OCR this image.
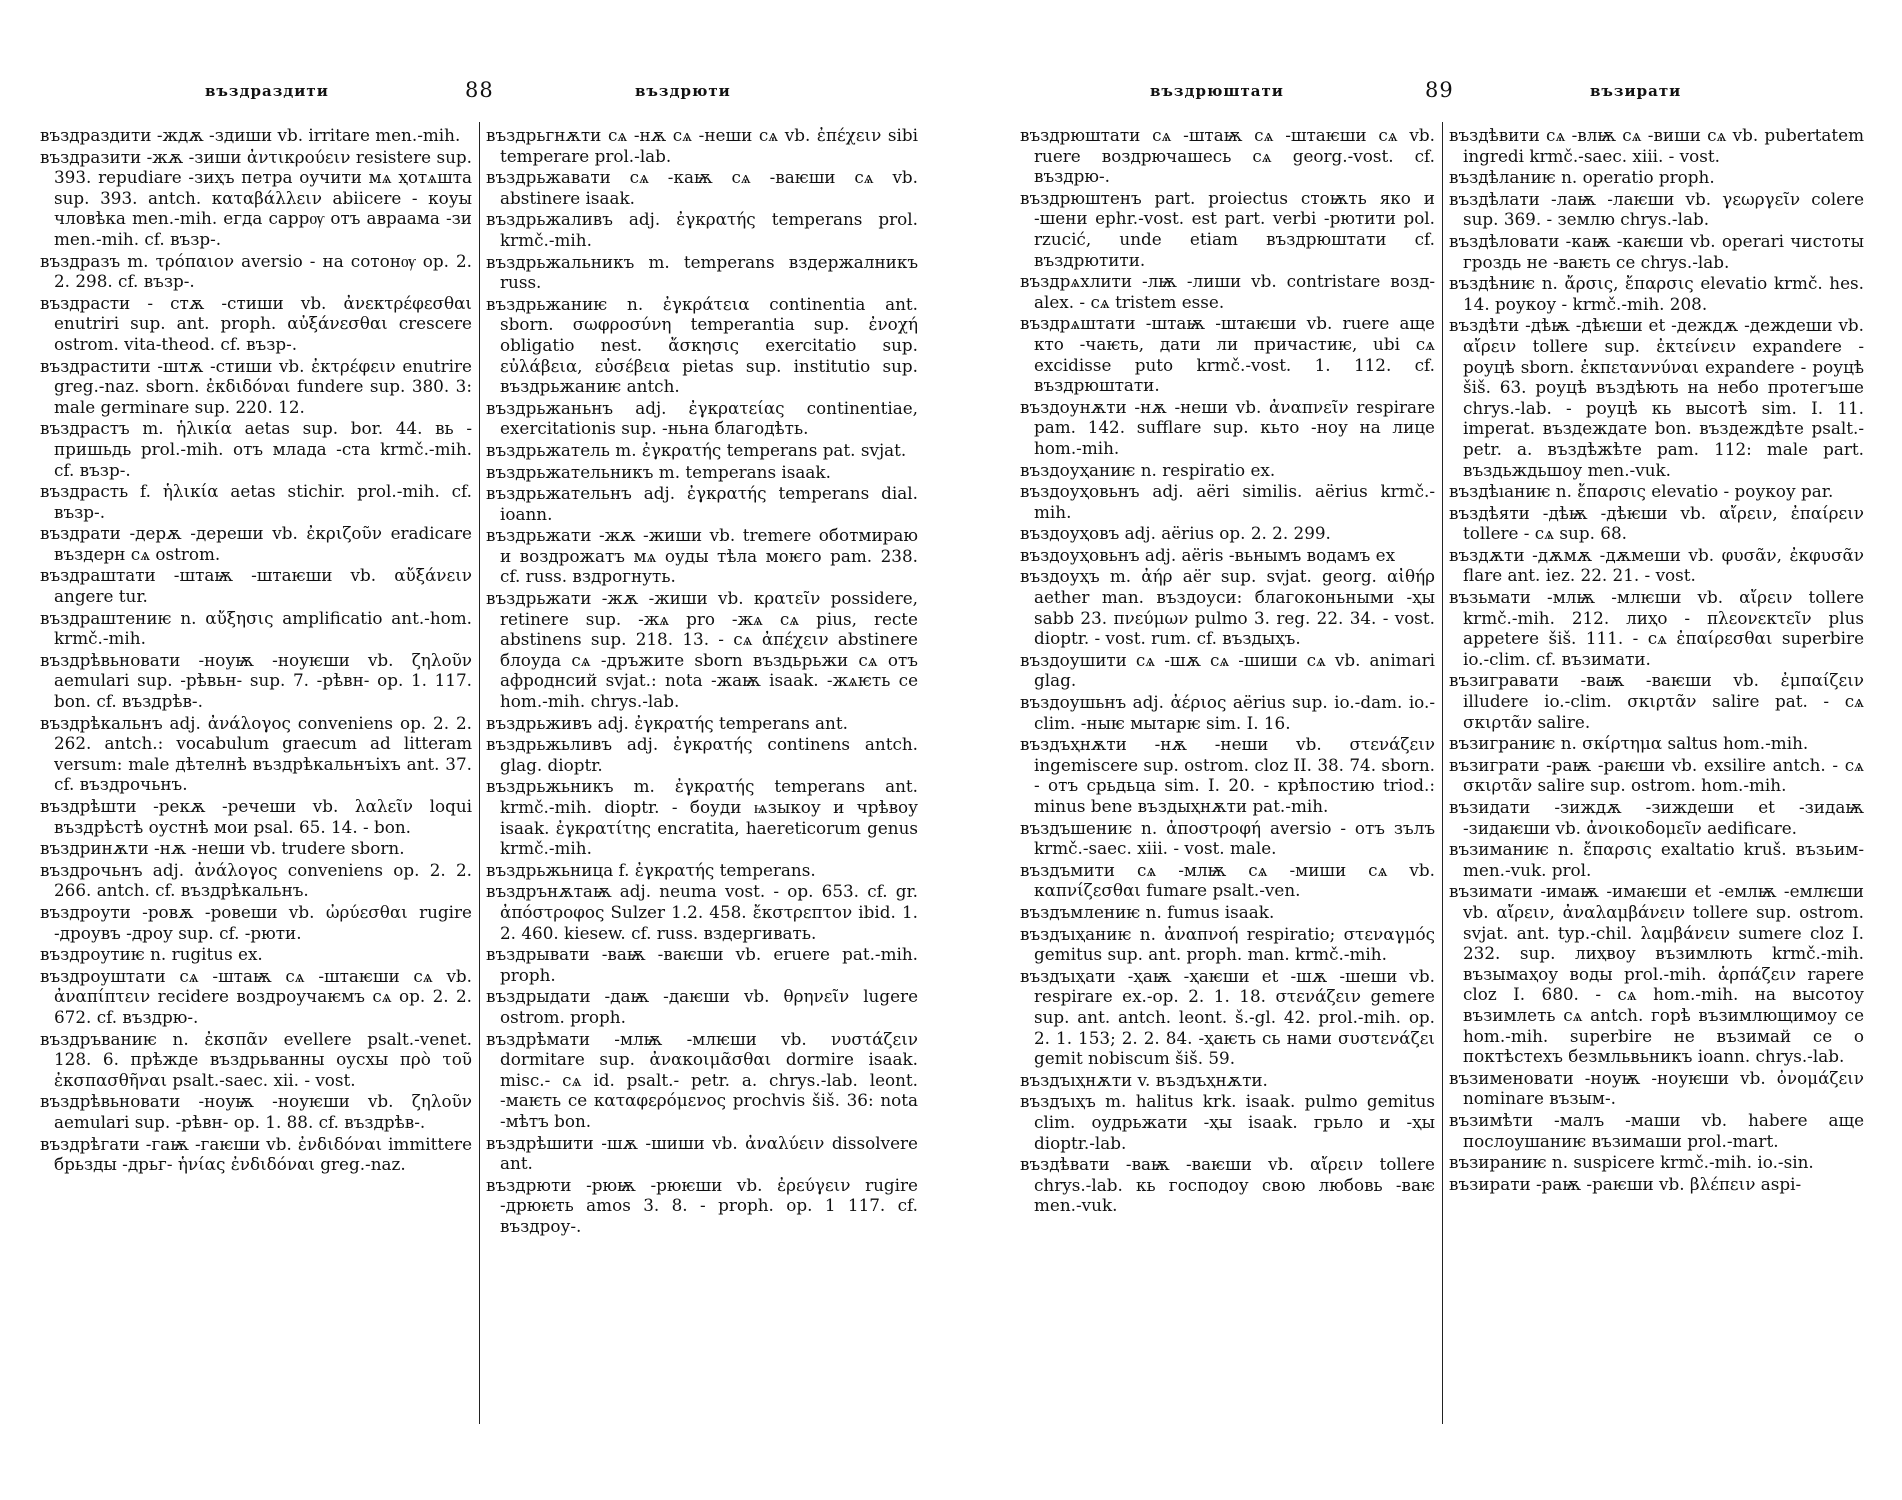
въздраздити	88	въздрюти

въздраздити -ждѫ -здиши vb. irritare men.-mih.

въздразити -жѫ -зиши ἀντικρούειν resistere sup. 393. repudiare -зиҳъ петра оучити мѧ ҳотѧшта sup. 393. antch. καταβάλλειν abiicere - коуы чловѣка men.-mih. егда саррѹ отъ авраама -зи men.-mih. cf. възр-.

въздразъ m. τρόπαιον aversio - на сотонѹ op. 2. 2. 298. cf. възр-.

въздрасти - стѫ -стиши vb. ἀνεκτρέφεσθαι enutriri sup. ant. proph. αὐξάνεσθαι crescere ostrom. vita-theod. cf. възр-.

въздрастити -штѫ -стиши vb. ἐκτρέφειν enutrire greg.-naz. sborn. ἐκδιδόναι fundere sup. 380. 3: male germinare sup. 220. 12.

въздрастъ m. ἡλικία aetas sup. bor. 44. вь - пришьдь prol.-mih. отъ млада -ста krmč.-mih. cf. възр-.

въздрасть f. ἡλικία aetas stichir. prol.-mih. cf. възр-.

въздрати -дерѫ -дереши vb. ἐκριζοῦν eradicare въздерн сѧ ostrom.

въздраштати -штаѭ -штаѥши vb. αὔξάνειν angere tur.

въздраштениѥ n. αὔξησις amplificatio ant.-hom. krmč.-mih.

въздрѣвьновати -ноуѭ -ноуѥши vb. ζηλοῦν aemulari sup. -рѣвьн- sup. 7. -рѣвн- op. 1. 117. bon. cf. въздрѣв-.

въздрѣкальнъ adj. ἀνάλογος conveniens op. 2. 2. 262. antch.: vocabulum graecum ad litteram versum: male дѣтелнѣ въздрѣкальнъіхъ ant. 37. cf. въздрочьнъ.

въздрѣшти -рекѫ -речеши vb. λαλεῖν loqui въздрѣстѣ оустнѣ мои psal. 65. 14. - bon.

въздринѫти -нѫ -неши vb. trudere sborn.

въздрочьнъ adj. ἀνάλογος conveniens op. 2. 2. 266. antch. cf. въздрѣкальнъ.

въздроути -ровѫ -ровеши vb. ὠρύεσθαι rugire -дроувъ -дроу sup. cf. -рюти.

въздроутиѥ n. rugitus ex.

въздроуштати сѧ -штаѭ сѧ -штаѥши сѧ vb. ἀναπίπτειν recidere воздроучаѥмъ сѧ op. 2. 2. 672. cf. въздрю-.

въздръвaниѥ n. ἐκσπᾶν evellere psalt.-venet. 128. 6. прѣжде въздрьванны оусхы πρὸ τοῦ ἐκσπασθῆναι psalt.-saec. xii. - vost.

въздрѣвьновати -ноуѭ -ноуѥши vb. ζηλοῦν aemulari sup. -рѣвн- op. 1. 88. cf. въздрѣв-.

въздрѣгати -гаѭ -гаѥши vb. ἐνδιδόναι immittere брьзды -дрьг- ἡνίας ἐνδιδόναι greg.-naz.

въздрьгнѫти сѧ -нѫ сѧ -неши сѧ vb. ἐπέχειν sibi temperare prol.-lab.

въздрьжавати сѧ -каѭ сѧ -ваѥши сѧ vb. abstinere isaak.

въздрьжаливъ adj. ἐγκρατής temperans prol. krmč.-mih.

въздрьжальникъ m. temperans вздержалникъ russ.

въздрьжаниѥ n. ἐγκράτεια continentia ant. sborn. σωφροσύνη temperantia sup. ἐνοχή obligatio nest. ἄσκησις exercitatio sup. εὐλάβεια, εὐσέβεια pietas sup. institutio sup. въздрьжаниѥ antch.

въздрьжаньнъ adj. ἐγκρατείας continentiae, exercitationis sup. -ньна благодѣть.

въздрьжатель m. ἐγκρατής temperans pat. svjat.

въздрьжательникъ m. temperans isaak.

въздрьжательнъ adj. ἐγκρατής temperans dial. ioann.

въздрьжати -жѫ -жиши vb. tremere оботмираю и воздрожатъ мѧ оуды тѣла моѥго pam. 238. cf. russ. вздрогнуть.

въздрьжати -жѫ -жиши vb. κρατεῖν possidere, retinere sup. -жѧ pro -жѧ сѧ pius, recte abstinens sup. 218. 13. - сѧ ἀπέχειν abstinere блоуда сѧ -дръжите sborn въздьрьжи сѧ отъ афроднсий svjat.: nota -жаѭ isaak. -жѧѥть се hom.-mih. chrys.-lab.

въздрьживъ adj. ἐγκρατής temperans ant.

въздрьжьливъ adj. ἐγκρατής continens antch. glag. dioptr.

въздрьжьникъ m. ἐγκρατής temperans ant. krmč.-mih. dioptr. - боуди ѩзыкоу и чрѣвоу isaak. ἐγκρατίτης encratita, haereticorum genus krmč.-mih.

въздрьжьница f. ἐγκρατής temperans.

въздрънѫтаѭ adj. neuma vost. - op. 653. cf. gr. ἀπόστροφος Sulzer 1.2. 458. ἔκστρεπτον ibid. 1. 2. 460. kiesew. cf. russ. вздергивать.

въздрывати -ваѭ -ваѥши vb. eruere pat.-mih. proph.

въздрыдати -даѭ -даѥши vb. θρηνεῖν lugere ostrom. proph.

въздрѣмати -млѭ -млѥши vb. νυστάζειν dormitare sup. ἀνακοιμᾶσθαι dormire isaak. misc.- сѧ id. psalt.- petr. a. chrys.-lab. leont. -маѥть се καταφερόμενος prochvis šiš. 36: nota -мѣтъ bon.

въздрѣшити -шѫ -шиши vb. ἀναλύειν dissolvere ant.

въздрюти -рюѭ -рюѥши vb. ἐρεύγειν rugire -дрюѥть amos 3. 8. - proph. op. 1 117. cf. въздроу-.

въздрюштати	89	възирати

въздрюштати сѧ -штаѭ сѧ -штаѥши сѧ vb. ruere воздрючашесь сѧ georg.-vost. cf. въздрю-.

въздрюштенъ part. proiectus стоѭть яко и -шени ephr.-vost. est part. verbi -рютити pol. rzucić, unde etiam въздрюштати cf. въздрютити.

въздрѧхлити -лѭ -лиши vb. contristare возд- alex. - сѧ tristem esse.

въздрѧштати -штаѭ -штаѥши vb. ruere аще кто -чаѥть, дати ли причастиѥ, ubi сѧ excidisse puto krmč.-vost. 1. 112. cf. въздрюштати.

въздоунѫти -нѫ -неши vb. ἀναπνεῖν respirare pam. 142. sufflare sup. кьто -ноу на лице hom.-mih.

въздоуҳаниѥ n. respiratio ex.

въздоуҳовьнъ adj. aëri similis. aërius krmč.-mih.

въздоуҳовъ adj. aërius op. 2. 2. 299.

въздоуҳовьнъ adj. aëris -вьнымъ водамъ ex

въздоуҳъ m. ἀήρ aër sup. svjat. georg. αἰθήρ aether man. въздоуси: благоконьными -ҳы sabb 23. πνεύμων pulmo 3. reg. 22. 34. - vost. dioptr. - vost. rum. cf. въздыҳъ.

въздоушити сѧ -шѫ сѧ -шиши сѧ vb. animari glag.

въздоушьнъ adj. ἀέριος aërius sup. io.-dam. io.-clim. -ныѥ мытарѥ sim. I. 16.

въздъҳнѫти -нѫ -неши vb. στενάζειν ingemiscere sup. ostrom. cloz II. 38. 74. sborn. - отъ срьдьца sim. I. 20. - крѣпостию triod.: minus bene въздыҳнѫти pat.-mih.

въздъшениѥ n. ἀποστροφή aversio - отъ зълъ krmč.-saec. xiii. - vost. male.

въздъмити сѧ -млѭ сѧ -миши сѧ vb. καπνίζεσθαι fumare psalt.-ven.

въздъмлениѥ n. fumus isaak.

въздъıҳаниѥ n. ἀναπνοή respiratio; στεναγμός gemitus sup. ant. proph. man. krmč.-mih.

въздъıҳати -ҳаѭ -ҳаѥши et -шѫ -шеши vb. respirare ex.-op. 2. 1. 18. στενάζειν gemere sup. ant. antch. leont. š.-gl. 42. prol.-mih. op. 2. 1. 153; 2. 2. 84. -ҳаѥть сь нами συστενάζει gemit nobiscum šiš. 59.

въздъıҳнѫти v. въздъҳнѫти.

въздъıҳъ m. halitus krk. isaak. pulmo gemitus clim. оудрьжати -ҳы isaak. грьло и -ҳы dioptr.-lab.

въздѣвати -ваѭ -ваѥши vb. αἴρειν tollere chrys.-lab. кь господоу свою любовь -ваѥ men.-vuk.

въздѣвити сѧ -влѭ сѧ -виши сѧ vb. pubertatem ingredi krmč.-saec. xiii. - vost.

въздѣланиѥ n. operatio proph.

въздѣлати -лаѭ -лаѥши vb. γεωργεῖν colere sup. 369. - землю chrys.-lab.

въздѣловати -каѭ -каѥши vb. operari чистоты гроздь не -ваѥть се chrys.-lab.

въздѣниѥ n. ἄρσις, ἔπαρσις elevatio krmč. hes. 14. роукоу - krmč.-mih. 208.

въздѣти -дѣѭ -дѣѥши et -деждѫ -деждеши vb. αἴρειν tollere sup. ἐκτείνειν expandere - роуцѣ sborn. ἐκπεταννύναι expandere - роуцѣ šiš. 63. роуцѣ въздѣють на небо протегъше chrys.-lab. - роуцѣ кь высотѣ sim. I. 11. imperat. въздеждате bon. въздеждѣте psalt.-petr. a. въздѣжѣте pam. 112: male part. въздьждьшоу men.-vuk.

въздѣıаниѥ n. ἔπαρσις elevatio - роукоу par.

въздѣяти -дѣѭ -дѣѥши vb. αἴρειν, ἐπαίρειν tollere - сѧ sup. 68.

въздѫти -дѫмѫ -дѫмеши vb. φυσᾶν, ἐκφυσᾶν flare ant. iez. 22. 21. - vost.

възьмати -млѭ -млѥши vb. αἴρειν tollere krmč.-mih. 212. лиҳо - πλεονεκτεῖν plus appetere šiš. 111. - сѧ ἐπαίρεσθαι superbire io.-clim. cf. възимати.

възигравати -ваѭ -ваѥши vb. ἐμπαίζειν illudere io.-clim. σκιρτᾶν salire pat. - сѧ σκιρτᾶν salire.

възиграниѥ n. σκίρτημα saltus hom.-mih.

възиграти -раѭ -раѥши vb. exsilire antch. - сѧ σκιρτᾶν salire sup. ostrom. hom.-mih.

възидати -зиждѫ -зиждеши et -зидаѭ -зидаѥши vb. ἀνοικοδομεῖν aedificare.

възиманиѥ n. ἔπαρσις exaltatio kruš. възьим- men.-vuk. prol.

възимати -имаѭ -имаѥши et -емлѭ -емлѥши vb. αἴρειν, ἀναλαμβάνειν tollere sup. ostrom. svjat. ant. typ.-chil. λαμβάνειν sumere cloz I. 232. sup. лиҳвоу възимлють krmč.-mih. възымаҳоу воды prol.-mih. ἁρπάζειν rapere cloz I. 680. - сѧ hom.-mih. на высотоу възимлеть сѧ antch. горѣ възимлющимоу се hom.-mih. superbire не възимай се о поктѣстехъ безмльвьникъ ioann. chrys.-lab.

възименовати -ноуѭ -ноуѥши vb. ὀνομάζειν nominare възым-.

възимѣти -малъ -маши vb. habere аще послоушаниѥ възимаши prol.-mart.

възираниѥ n. suspicere krmč.-mih. io.-sin.

възирати -раѭ -раѥши vb. βλέπειν aspi-
